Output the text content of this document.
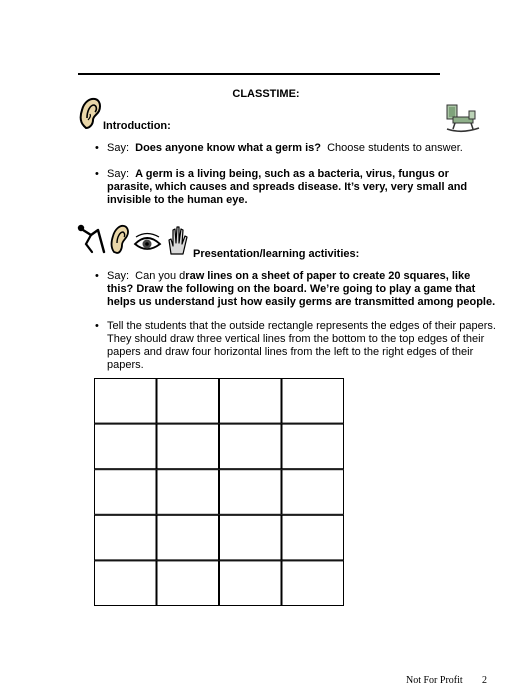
CLASSTIME:
Introduction:
• Say: Does anyone know what a germ is? Choose students to answer.
• Say: A germ is a living being, such as a bacteria, virus, fungus or parasite, which causes and spreads disease. It’s very, very small and invisible to the human eye.
Presentation/learning activities:
• Say: Can you draw lines on a sheet of paper to create 20 squares, like this? Draw the following on the board. We’re going to play a game that helps us understand just how easily germs are transmitted among people.
• Tell the students that the outside rectangle represents the edges of their papers. They should draw three vertical lines from the bottom to the top edges of their papers and draw four horizontal lines from the left to the right edges of their papers.
Not For Profit 2
